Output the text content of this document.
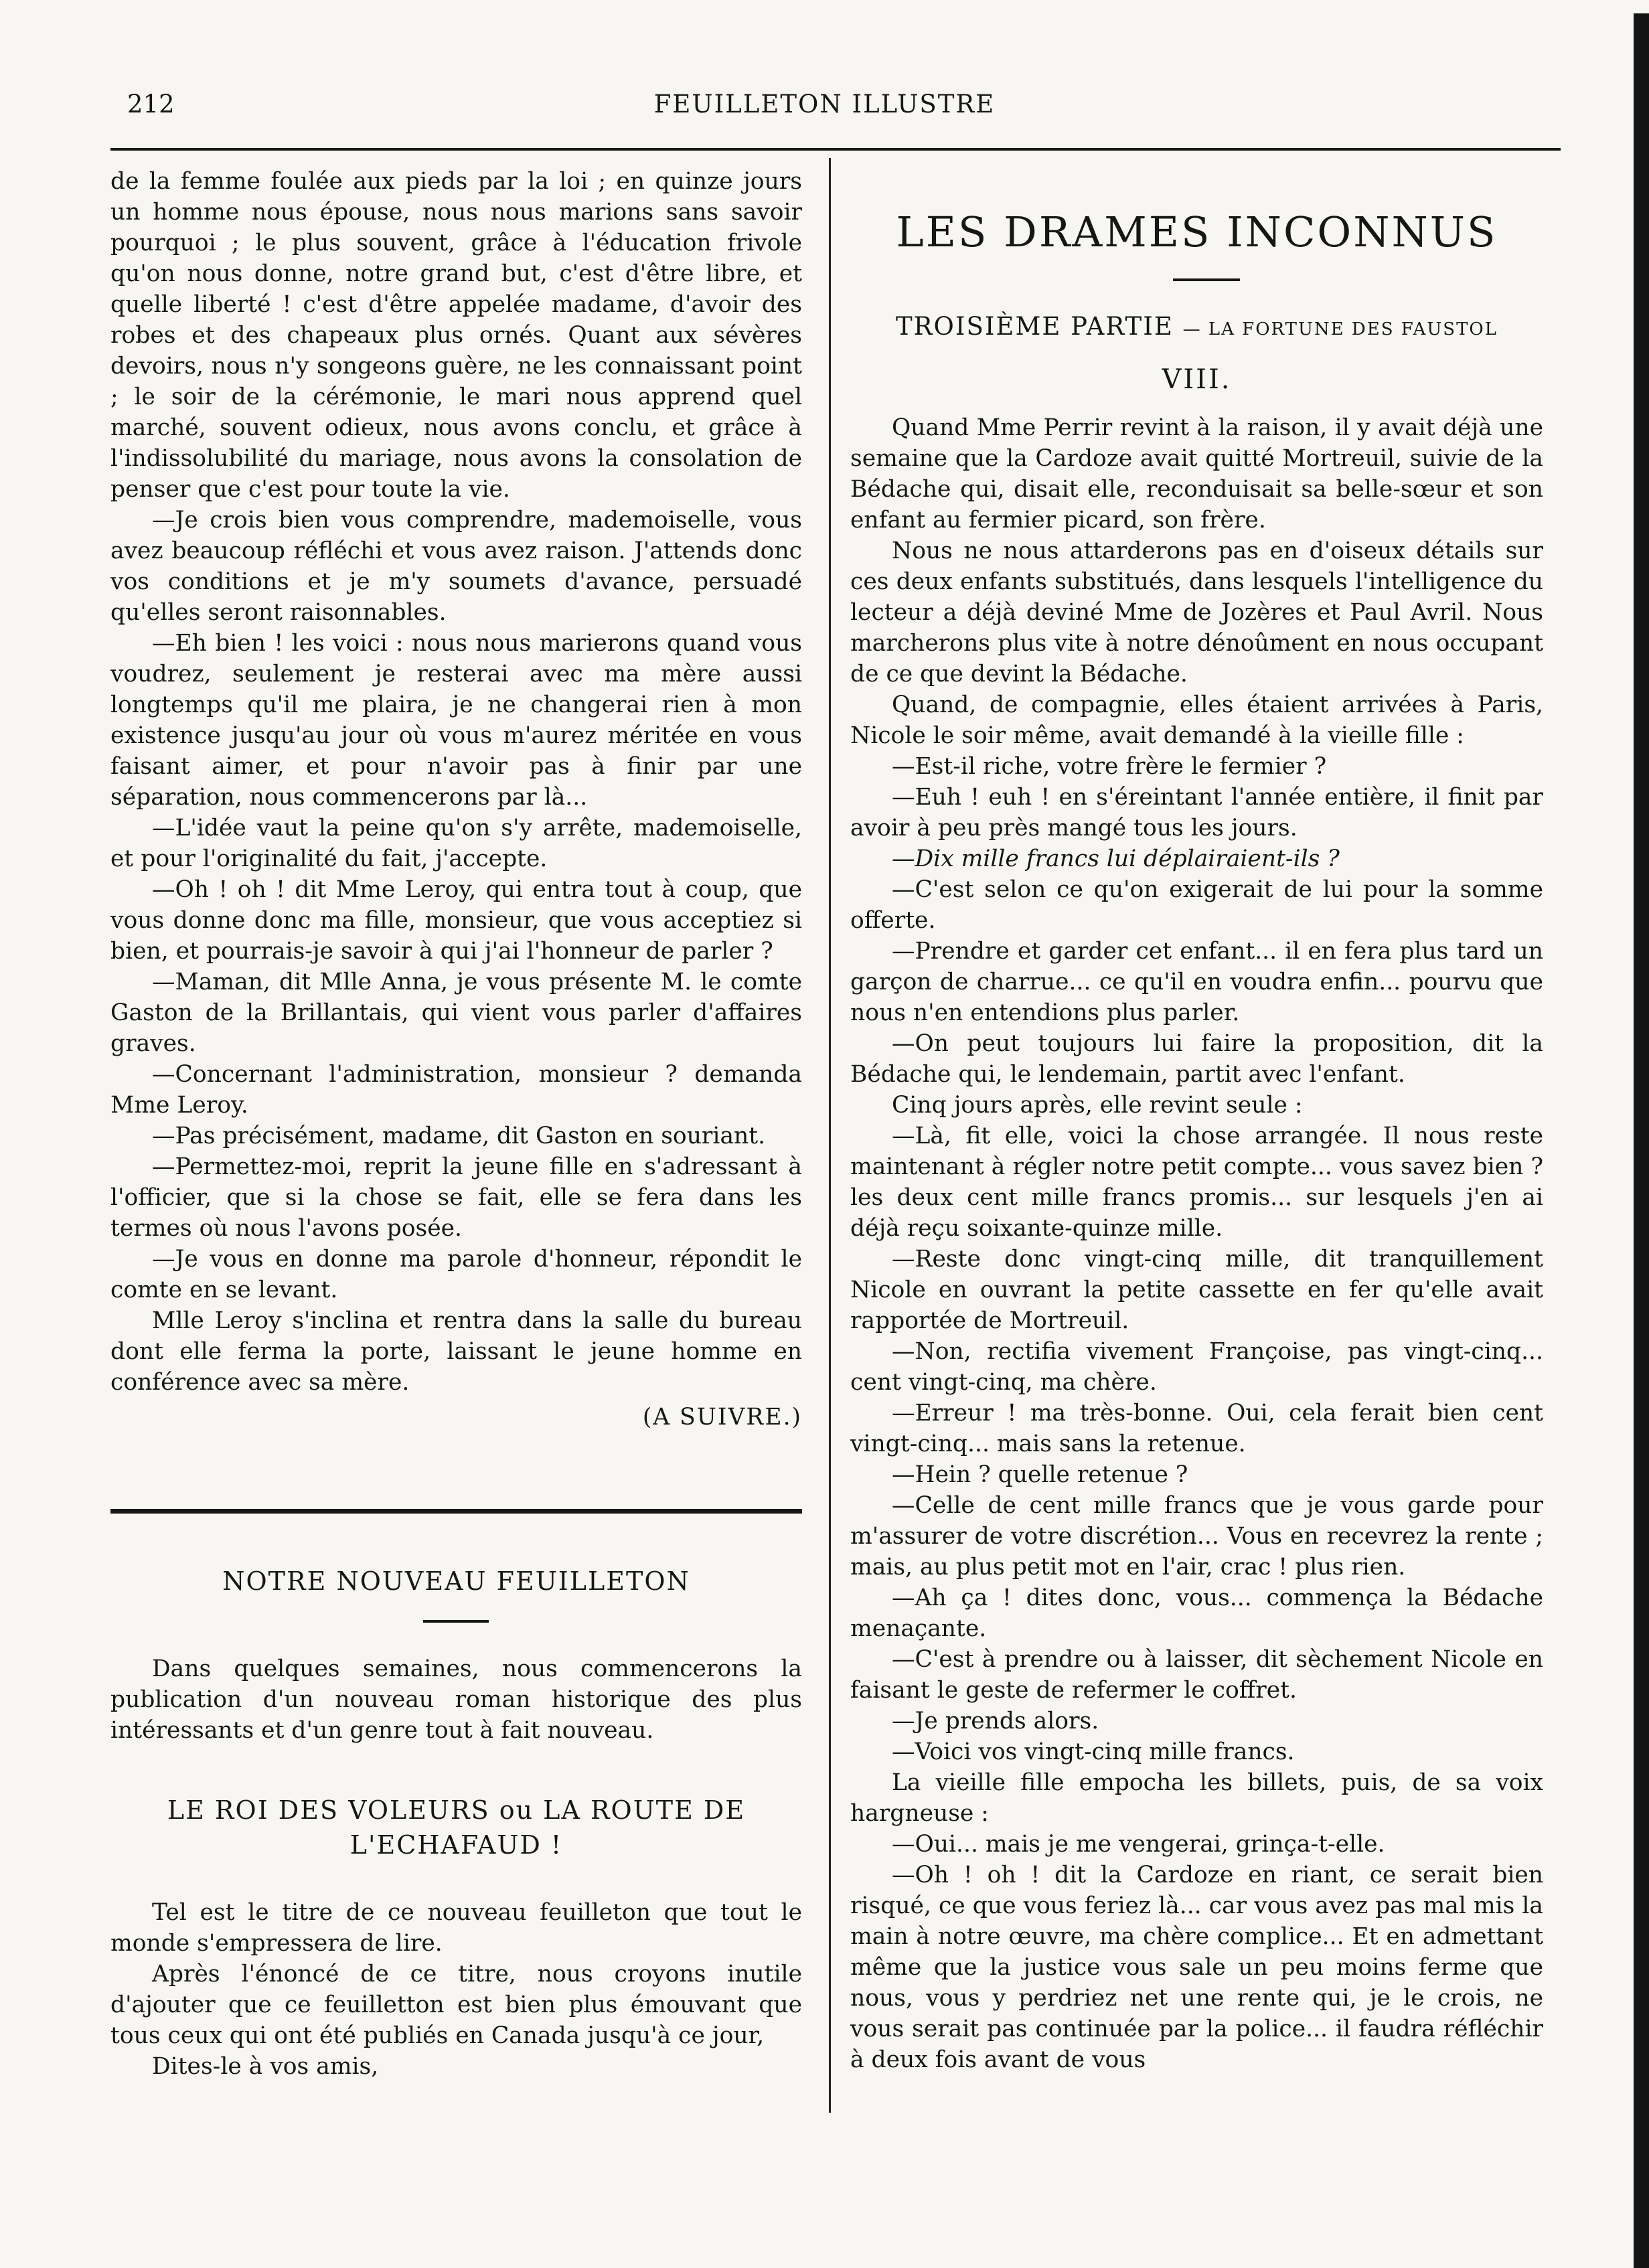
212	FEUILLETON ILLUSTRE

de la femme foulée aux pieds par la loi ; en quinze jours un homme nous épouse, nous nous marions sans savoir pourquoi ; le plus souvent, grâce à l'éducation frivole qu'on nous donne, notre grand but, c'est d'être libre, et quelle liberté ! c'est d'être appelée madame, d'avoir des robes et des chapeaux plus ornés. Quant aux sévères devoirs, nous n'y songeons guère, ne les connaissant point ; le soir de la cérémonie, le mari nous apprend quel marché, souvent odieux, nous avons conclu, et grâce à l'indissolubilité du mariage, nous avons la consolation de penser que c'est pour toute la vie.

—Je crois bien vous comprendre, mademoiselle, vous avez beaucoup réfléchi et vous avez raison. J'attends donc vos conditions et je m'y soumets d'avance, persuadé qu'elles seront raisonnables.

—Eh bien ! les voici : nous nous marierons quand vous voudrez, seulement je resterai avec ma mère aussi longtemps qu'il me plaira, je ne changerai rien à mon existence jusqu'au jour où vous m'aurez méritée en vous faisant aimer, et pour n'avoir pas à finir par une séparation, nous commencerons par là...

—L'idée vaut la peine qu'on s'y arrête, mademoiselle, et pour l'originalité du fait, j'accepte.

—Oh ! oh ! dit Mme Leroy, qui entra tout à coup, que vous donne donc ma fille, monsieur, que vous acceptiez si bien, et pourrais-je savoir à qui j'ai l'honneur de parler ?

—Maman, dit Mlle Anna, je vous présente M. le comte Gaston de la Brillantais, qui vient vous parler d'affaires graves.

—Concernant l'administration, monsieur ? demanda Mme Leroy.

—Pas précisément, madame, dit Gaston en souriant.

—Permettez-moi, reprit la jeune fille en s'adressant à l'officier, que si la chose se fait, elle se fera dans les termes où nous l'avons posée.

—Je vous en donne ma parole d'honneur, répondit le comte en se levant.

Mlle Leroy s'inclina et rentra dans la salle du bureau dont elle ferma la porte, laissant le jeune homme en conférence avec sa mère.

(A SUIVRE.)
NOTRE NOUVEAU FEUILLETON

Dans quelques semaines, nous commencerons la publication d'un nouveau roman historique des plus intéressants et d'un genre tout à fait nouveau.

LE ROI DES VOLEURS ou LA ROUTE DE L'ECHAFAUD !

Tel est le titre de ce nouveau feuilleton que tout le monde s'empressera de lire.

Après l'énoncé de ce titre, nous croyons inutile d'ajouter que ce feuilletton est bien plus émouvant que tous ceux qui ont été publiés en Canada jusqu'à ce jour,

Dites-le à vos amis,

LES DRAMES INCONNUS
TROISIÈME PARTIE — LA FORTUNE DES FAUSTOL
VIII.

Quand Mme Perrir revint à la raison, il y avait déjà une semaine que la Cardoze avait quitté Mortreuil, suivie de la Bédache qui, disait elle, reconduisait sa belle-sœur et son enfant au fermier picard, son frère.

Nous ne nous attarderons pas en d'oiseux détails sur ces deux enfants substitués, dans lesquels l'intelligence du lecteur a déjà deviné Mme de Jozères et Paul Avril. Nous marcherons plus vite à notre dénoûment en nous occupant de ce que devint la Bédache.

Quand, de compagnie, elles étaient arrivées à Paris, Nicole le soir même, avait demandé à la vieille fille :

—Est-il riche, votre frère le fermier ?

—Euh ! euh ! en s'éreintant l'année entière, il finit par avoir à peu près mangé tous les jours.

—Dix mille francs lui déplairaient-ils ?

—C'est selon ce qu'on exigerait de lui pour la somme offerte.

—Prendre et garder cet enfant... il en fera plus tard un garçon de charrue... ce qu'il en voudra enfin... pourvu que nous n'en entendions plus parler.

—On peut toujours lui faire la proposition, dit la Bédache qui, le lendemain, partit avec l'enfant.

Cinq jours après, elle revint seule :

—Là, fit elle, voici la chose arrangée. Il nous reste maintenant à régler notre petit compte... vous savez bien ? les deux cent mille francs promis... sur lesquels j'en ai déjà reçu soixante-quinze mille.

—Reste donc vingt-cinq mille, dit tranquillement Nicole en ouvrant la petite cassette en fer qu'elle avait rapportée de Mortreuil.

—Non, rectifia vivement Françoise, pas vingt-cinq... cent vingt-cinq, ma chère.

—Erreur ! ma très-bonne. Oui, cela ferait bien cent vingt-cinq... mais sans la retenue.

—Hein ? quelle retenue ?

—Celle de cent mille francs que je vous garde pour m'assurer de votre discrétion... Vous en recevrez la rente ; mais, au plus petit mot en l'air, crac ! plus rien.

—Ah ça ! dites donc, vous... commença la Bédache menaçante.

—C'est à prendre ou à laisser, dit sèchement Nicole en faisant le geste de refermer le coffret.

—Je prends alors.

—Voici vos vingt-cinq mille francs.

La vieille fille empocha les billets, puis, de sa voix hargneuse :

—Oui... mais je me vengerai, grinça-t-elle.

—Oh ! oh ! dit la Cardoze en riant, ce serait bien risqué, ce que vous feriez là... car vous avez pas mal mis la main à notre œuvre, ma chère complice... Et en admettant même que la justice vous sale un peu moins ferme que nous, vous y perdriez net une rente qui, je le crois, ne vous serait pas continuée par la police... il faudra réfléchir à deux fois avant de vous
